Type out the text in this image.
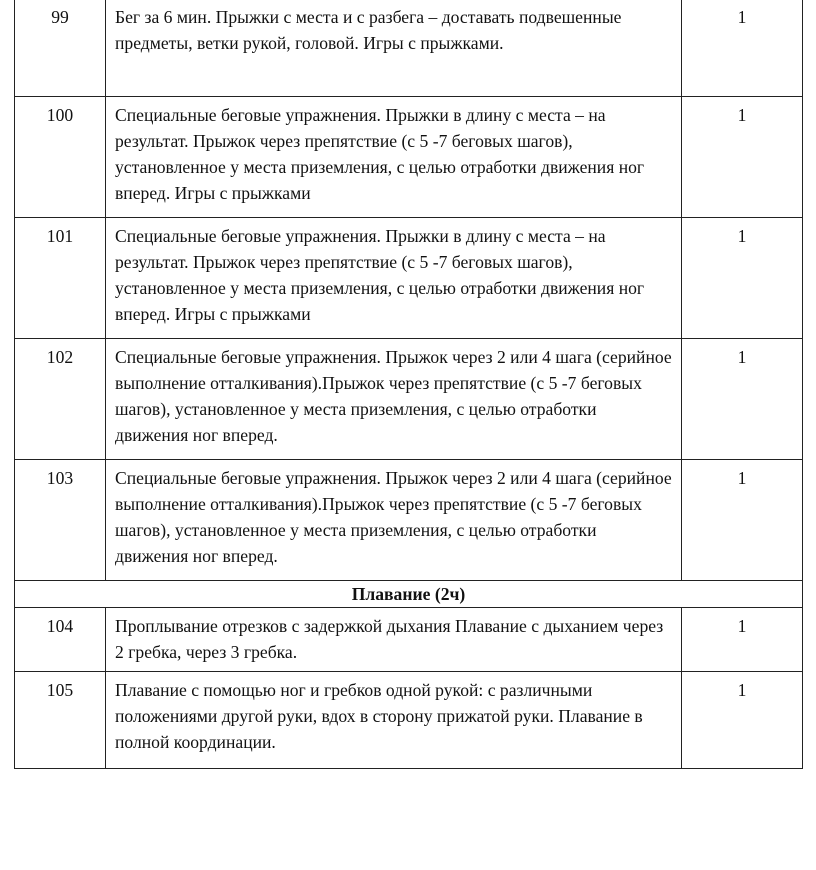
99	Бег за 6 мин. Прыжки с места и с разбега – доставать подвешенные предметы, ветки рукой, головой. Игры с прыжками.	1
100	Специальные беговые упражнения. Прыжки в длину с места – на результат. Прыжок через препятствие (с 5 -7 беговых шагов), установленное у места приземления, с целью отработки движения ног вперед. Игры с прыжками	1
101	Специальные беговые упражнения. Прыжки в длину с места – на результат. Прыжок через препятствие (с 5 -7 беговых шагов), установленное у места приземления, с целью отработки движения ног вперед. Игры с прыжками	1
102	Специальные беговые упражнения. Прыжок через 2 или 4 шага (серийное выполнение отталкивания).Прыжок через препятствие (с 5 -7 беговых шагов), установленное у места приземления, с целью отработки движения ног вперед.	1
103	Специальные беговые упражнения. Прыжок через 2 или 4 шага (серийное выполнение отталкивания).Прыжок через препятствие (с 5 -7 беговых шагов), установленное у места приземления, с целью отработки движения ног вперед.	1
Плавание (2ч)		
104	Проплывание отрезков с задержкой дыхания Плавание с дыханием через 2 гребка, через 3 гребка.	1
105	Плавание с помощью ног и гребков одной рукой: с различными положениями другой руки, вдох в сторону прижатой руки. Плавание в полной координации.	1
